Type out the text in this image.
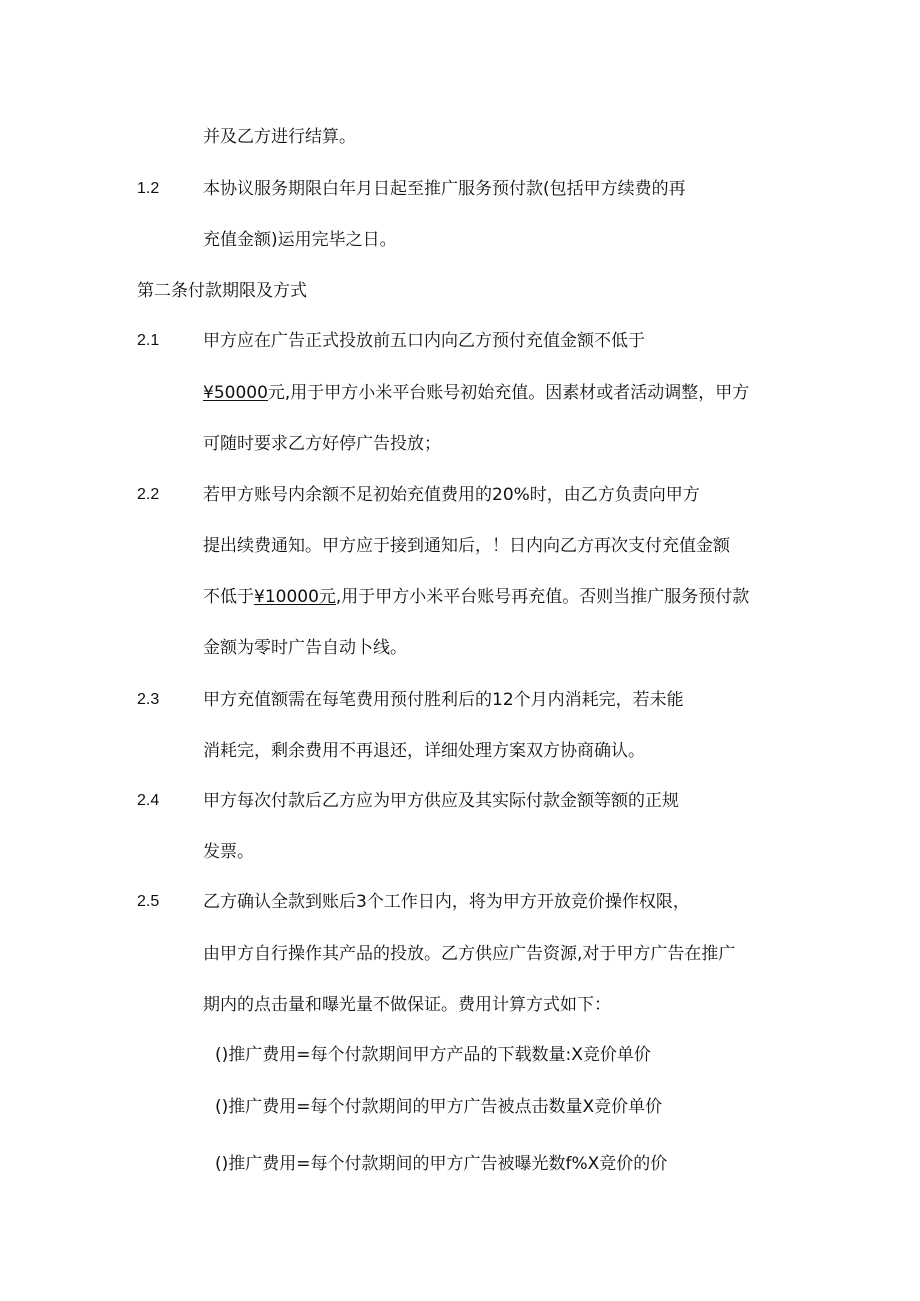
1.2
2.1
2.2
2.3
2.4
2.5
并及乙方进行结算。
本协议服务期限白年月日起至推广服务预付款(包括甲方续费的再
充值金额)运用完毕之日。
第二条付款期限及方式
甲方应在广告正式投放前五口内向乙方预付充值金额不低于
¥50000元,用于甲方小米平台账号初始充值。因素材或者活动调整，甲方
可随时要求乙方好停广告投放；
若甲方账号内余额不足初始充值费用的20%时，由乙方负责向甲方
提出续费通知。甲方应于接到通知后，！日内向乙方再次支付充值金额
不低于¥10000元,用于甲方小米平台账号再充值。否则当推广服务预付款
金额为零时广告自动卜线。
甲方充值额需在每笔费用预付胜利后的12个月内消耗完，若未能
消耗完，剩余费用不再退还，详细处理方案双方协商确认。
甲方每次付款后乙方应为甲方供应及其实际付款金额等额的正规
发票。
乙方确认全款到账后3个工作日内，将为甲方开放竞价操作权限，
由甲方自行操作其产品的投放。乙方供应广告资源,对于甲方广告在推广
期内的点击量和曝光量不做保证。费用计算方式如下：
()推广费用=每个付款期间甲方产品的下载数量:X竞价单价
()推广费用=每个付款期间的甲方广告被点击数量X竞价单价
()推广费用=每个付款期间的甲方广告被曝光数f%X竞价的价
